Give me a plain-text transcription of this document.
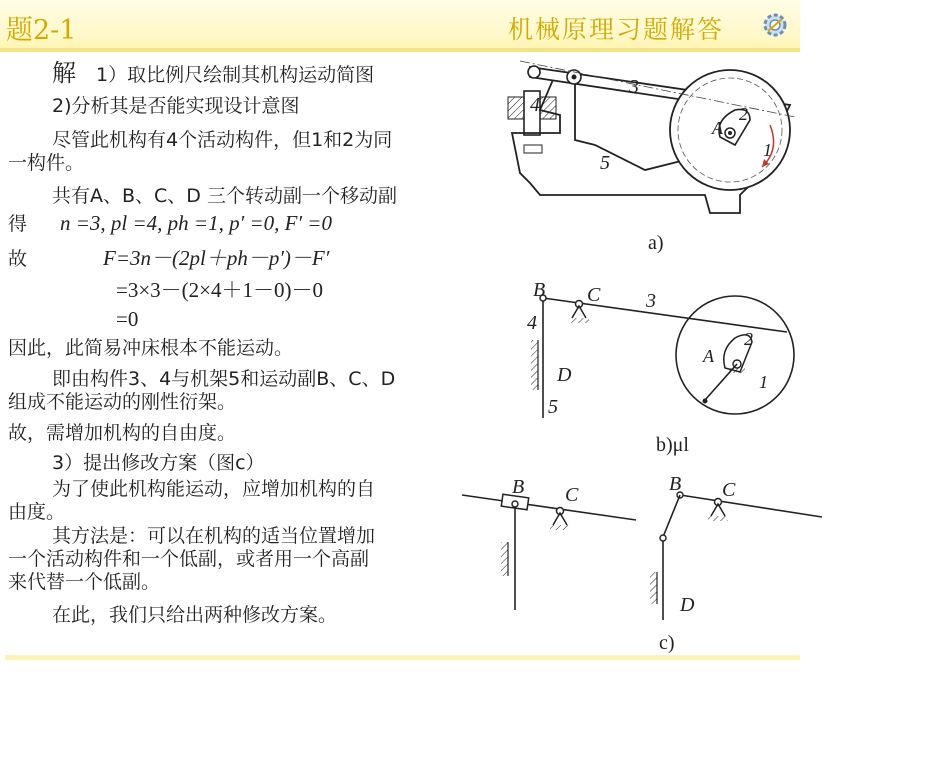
题2-1	机械原理习题解答
解 1）取比例尺绘制其机构运动简图
2)分析其是否能实现设计意图
尽管此机构有4个活动构件，但1和2为同
一构件。
共有A、B、C、D 三个转动副一个移动副
得 n =3, pl =4, ph =1, p′ =0, F′ =0
故	F=3n－(2pl＋ph－p′)－F′
=3×3－(2×4＋1－0)－0
=0
因此，此简易冲床根本不能运动。
即由构件3、4与机架5和运动副B、C、D
组成不能运动的刚性衍架。
故，需增加机构的自由度。
3）提出修改方案（图c）
为了使此机构能运动，应增加机构的自
由度。
其方法是：可以在机构的适当位置增加
一个活动构件和一个低副，或者用一个高副
来代替一个低副。
在此，我们只给出两种修改方案。
3
4
5
2
A
1
a)
B C 3
4
D
5
2
A
1
b)μl
B C	B C
D
c)
